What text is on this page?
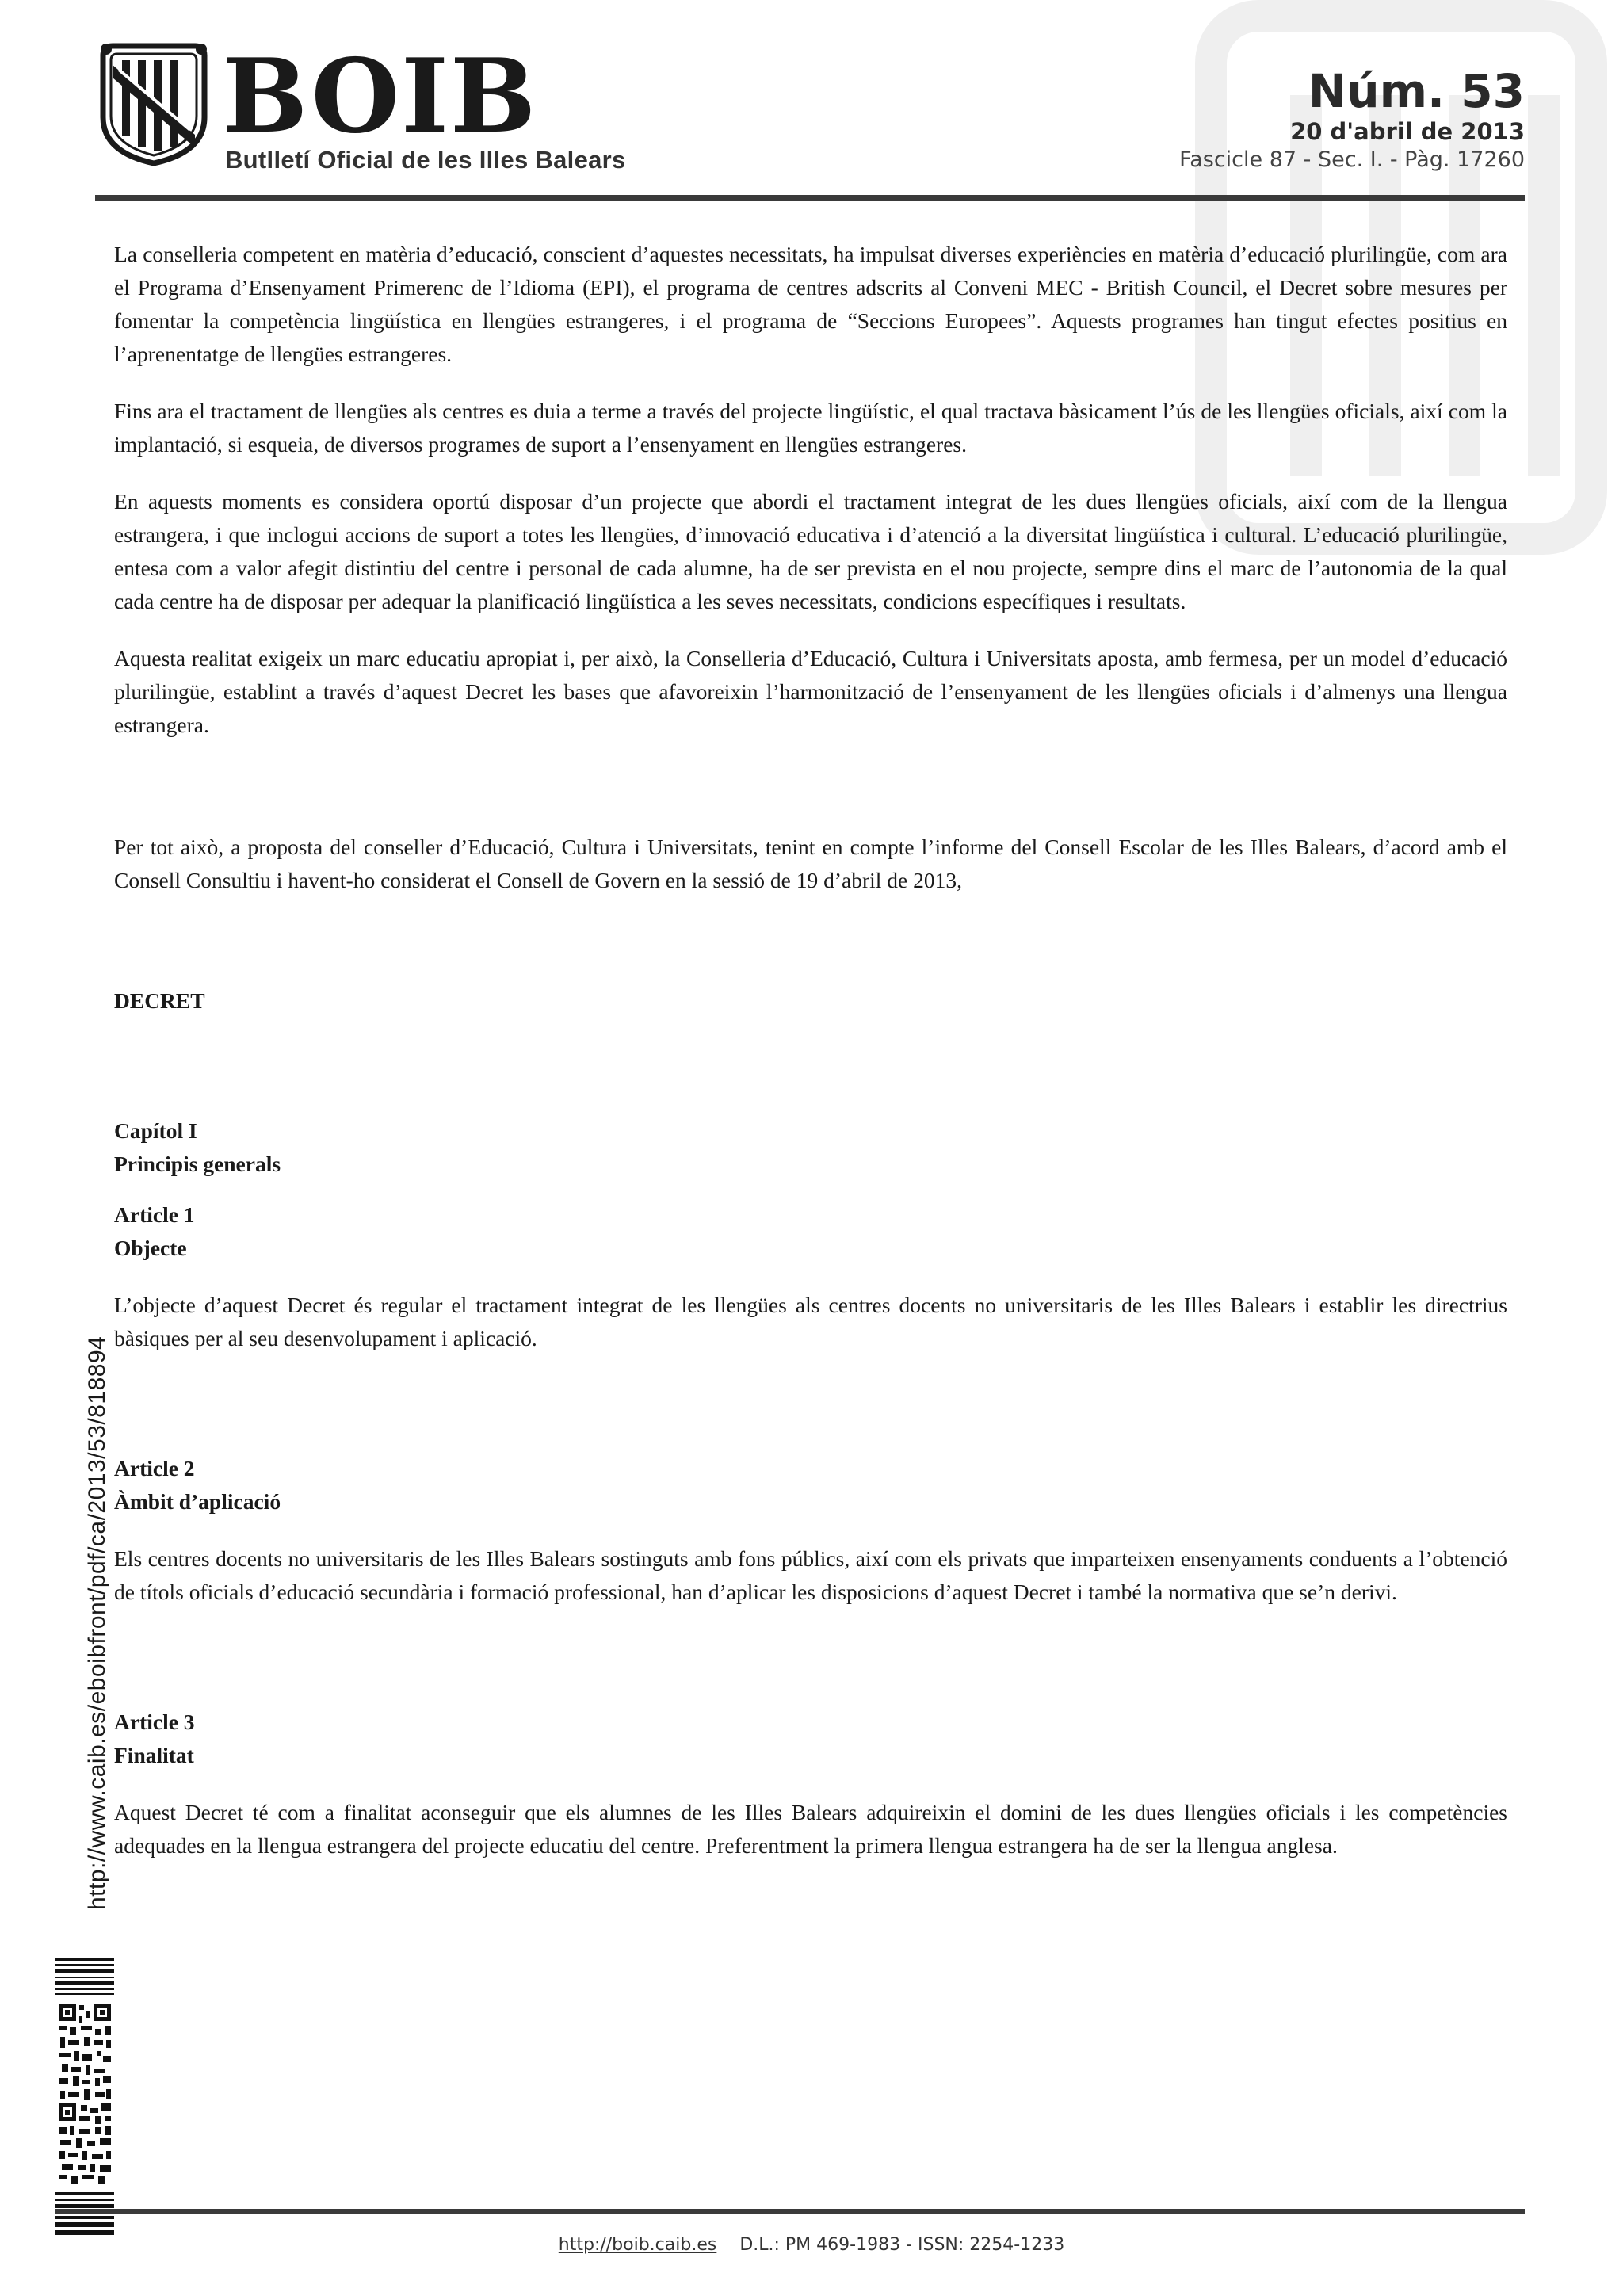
BOIB
Butlletí Oficial de les Illes Balears
Núm. 53
20 d'abril de 2013
Fascicle 87 - Sec. I. - Pàg. 17260

La conselleria competent en matèria d’educació, conscient d’aquestes necessitats, ha impulsat diverses experiències en matèria d’educació plurilingüe, com ara el Programa d’Ensenyament Primerenc de l’Idioma (EPI), el programa de centres adscrits al Conveni MEC - British Council, el Decret sobre mesures per fomentar la competència lingüística en llengües estrangeres, i el programa de “Seccions Europees”. Aquests programes han tingut efectes positius en l’aprenentatge de llengües estrangeres.

Fins ara el tractament de llengües als centres es duia a terme a través del projecte lingüístic, el qual tractava bàsicament l’ús de les llengües oficials, així com la implantació, si esqueia, de diversos programes de suport a l’ensenyament en llengües estrangeres.

En aquests moments es considera oportú disposar d’un projecte que abordi el tractament integrat de les dues llengües oficials, així com de la llengua estrangera, i que inclogui accions de suport a totes les llengües, d’innovació educativa i d’atenció a la diversitat lingüística i cultural. L’educació plurilingüe, entesa com a valor afegit distintiu del centre i personal de cada alumne, ha de ser prevista en el nou projecte, sempre dins el marc de l’autonomia de la qual cada centre ha de disposar per adequar la planificació lingüística a les seves necessitats, condicions específiques i resultats.

Aquesta realitat exigeix un marc educatiu apropiat i, per això, la Conselleria d’Educació, Cultura i Universitats aposta, amb fermesa, per un model d’educació plurilingüe, establint a través d’aquest Decret les bases que afavoreixin l’harmonització de l’ensenyament de les llengües oficials i d’almenys una llengua estrangera.

Per tot això, a proposta del conseller d’Educació, Cultura i Universitats, tenint en compte l’informe del Consell Escolar de les Illes Balears, d’acord amb el Consell Consultiu i havent-ho considerat el Consell de Govern en la sessió de 19 d’abril de 2013,

DECRET

Capítol I

Principis generals

Article 1
Objecte

L’objecte d’aquest Decret és regular el tractament integrat de les llengües als centres docents no universitaris de les Illes Balears i establir les directrius bàsiques per al seu desenvolupament i aplicació.

Article 2
Àmbit d’aplicació

Els centres docents no universitaris de les Illes Balears sostinguts amb fons públics, així com els privats que imparteixen ensenyaments conduents a l’obtenció de títols oficials d’educació secundària i formació professional, han d’aplicar les disposicions d’aquest Decret i també la normativa que se’n derivi.

Article 3
Finalitat

Aquest Decret té com a finalitat aconseguir que els alumnes de les Illes Balears adquireixin el domini de les dues llengües oficials i les competències adequades en la llengua estrangera del projecte educatiu del centre. Preferentment la primera llengua estrangera ha de ser la llengua anglesa.

http://www.caib.es/eboibfront/pdf/ca/2013/53/818894
http://boib.caib.es D.L.: PM 469-1983 - ISSN: 2254-1233
